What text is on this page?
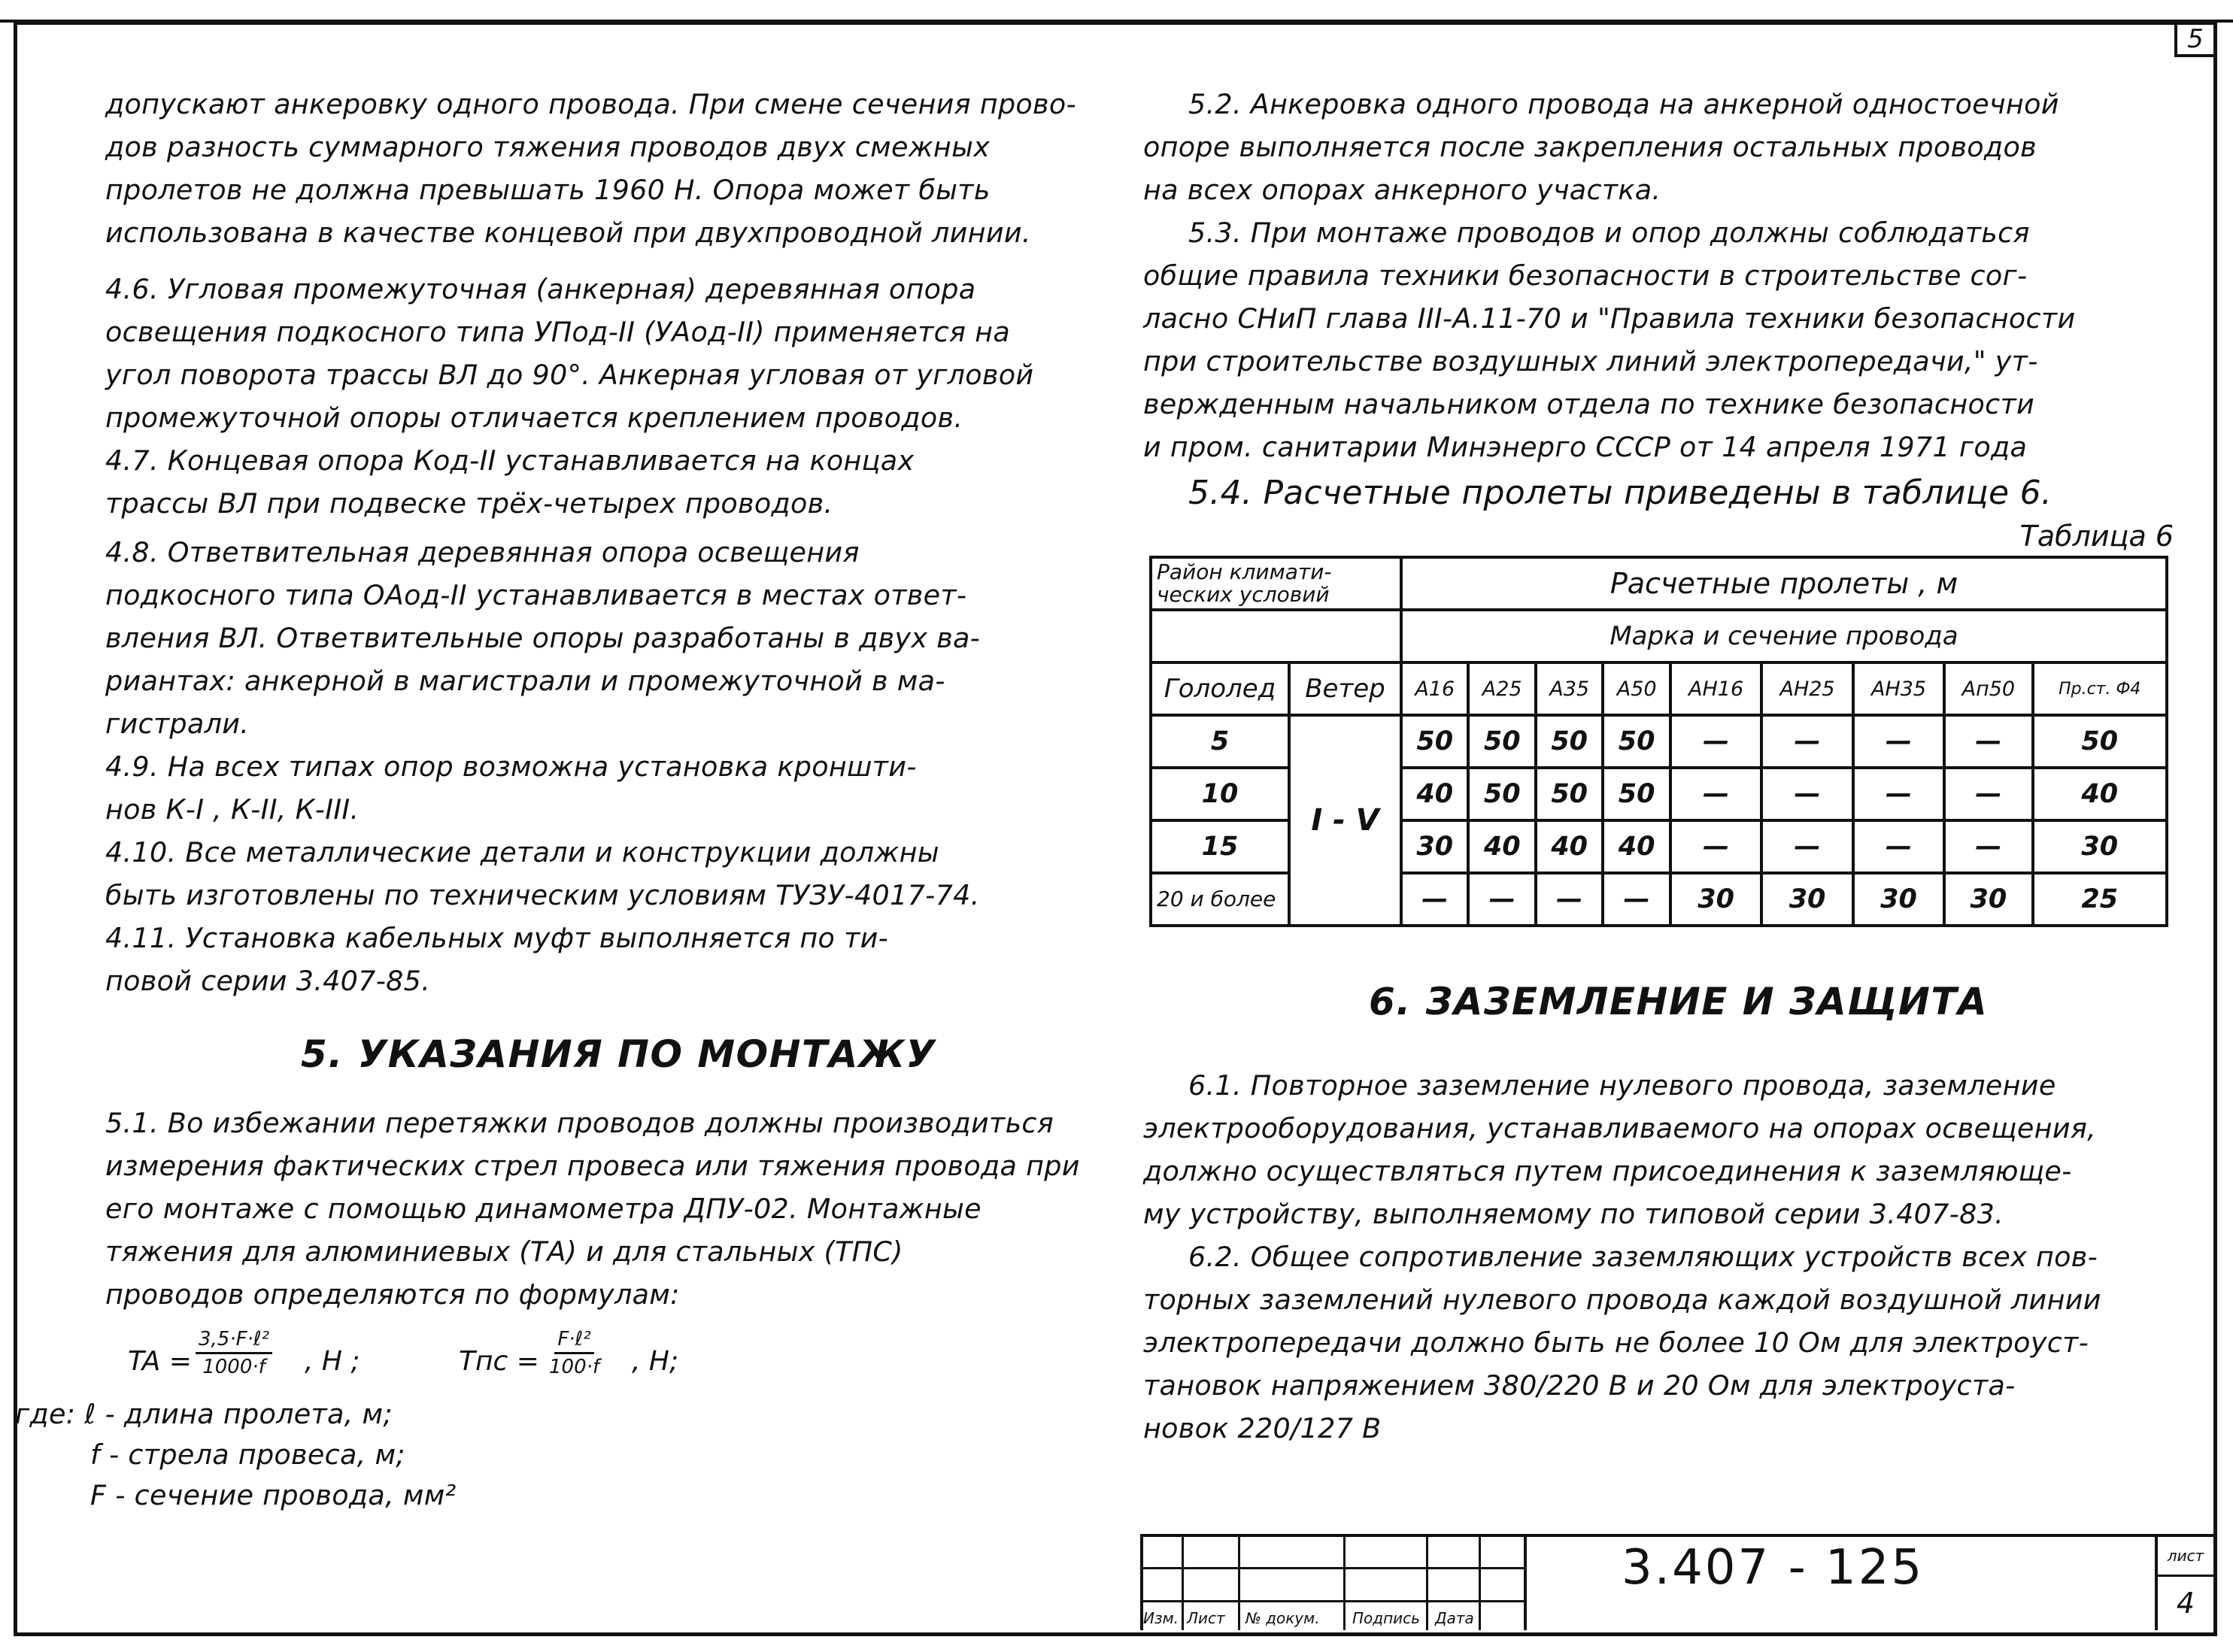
5

допускают анкеровку одного провода. При смене сечения прово-

дов разность суммарного тяжения проводов двух смежных

пролетов не должна превышать 1960 Н. Опора может быть

использована в качестве концевой при двухпроводной линии.

4.6. Угловая промежуточная (анкерная) деревянная опора

освещения подкосного типа УПод-II (УАод-II) применяется на

угол поворота трассы ВЛ до 90°. Анкерная угловая от угловой

промежуточной опоры отличается креплением проводов.

4.7. Концевая опора Код-II устанавливается на концах

трассы ВЛ при подвеске трёх-четырех проводов.

4.8. Ответвительная деревянная опора освещения

подкосного типа ОАод-II устанавливается в местах ответ-

вления ВЛ. Ответвительные опоры разработаны в двух ва-

риантах: анкерной в магистрали и промежуточной в ма-

гистрали.

4.9. На всех типах опор возможна установка кроншти-

нов К-I , К-II, К-III.

4.10. Все металлические детали и конструкции должны

быть изготовлены по техническим условиям ТУЗУ-4017-74.

4.11. Установка кабельных муфт выполняется по ти-

повой серии 3.407-85.

5. УКАЗАНИЯ ПО МОНТАЖУ

5.1. Во избежании перетяжки проводов должны производиться

измерения фактических стрел провеса или тяжения провода при

его монтаже с помощью динамометра ДПУ-02. Монтажные

тяжения для алюминиевых (ТА) и для стальных (ТПС)

проводов определяются по формулам:

TA =
3,5·F·ℓ²
1000·f , Н ;	Tпс =
F·ℓ²
100·f , Н;

где: ℓ - длина пролета, м;

f - стрела провеса, м;

F - сечение провода, мм²

5.2. Анкеровка одного провода на анкерной одностоечной

опоре выполняется после закрепления остальных проводов

на всех опорах анкерного участка.

5.3. При монтаже проводов и опор должны соблюдаться

общие правила техники безопасности в строительстве сог-

ласно СНиП глава III-А.11-70 и "Правила техники безопасности

при строительстве воздушных линий электропередачи," ут-

вержденным начальником отдела по технике безопасности

и пром. санитарии Минэнерго СССР от 14 апреля 1971 года

5.4. Расчетные пролеты приведены в таблице 6.

Таблица 6
Район климати-ческих условий		Расчетные пролеты , м								
		Марка и сечение провода								
Гололед	Ветер	А16	А25	А35	А50	АН16	АН25	АН35	Ап50	Пр.ст. Ф4
5	I - V	50	50	50	50	—	—	—	—	50
10		40	50	50	50	—	—	—	—	40
15		30	40	40	40	—	—	—	—	30
20 и более		—	—	—	—	30	30	30	30	25
6. ЗАЗЕМЛЕНИЕ И ЗАЩИТА

6.1. Повторное заземление нулевого провода, заземление

электрооборудования, устанавливаемого на опорах освещения,

должно осуществляться путем присоединения к заземляюще-

му устройству, выполняемому по типовой серии 3.407-83.

6.2. Общее сопротивление заземляющих устройств всех пов-

торных заземлений нулевого провода каждой воздушной линии

электропередачи должно быть не более 10 Ом для электроуст-

тановок напряжением 380/220 В и 20 Ом для электроуста-

новок 220/127 В

Изм. Лист № докум. Подпись Дата
3.407 - 125	лист
4
